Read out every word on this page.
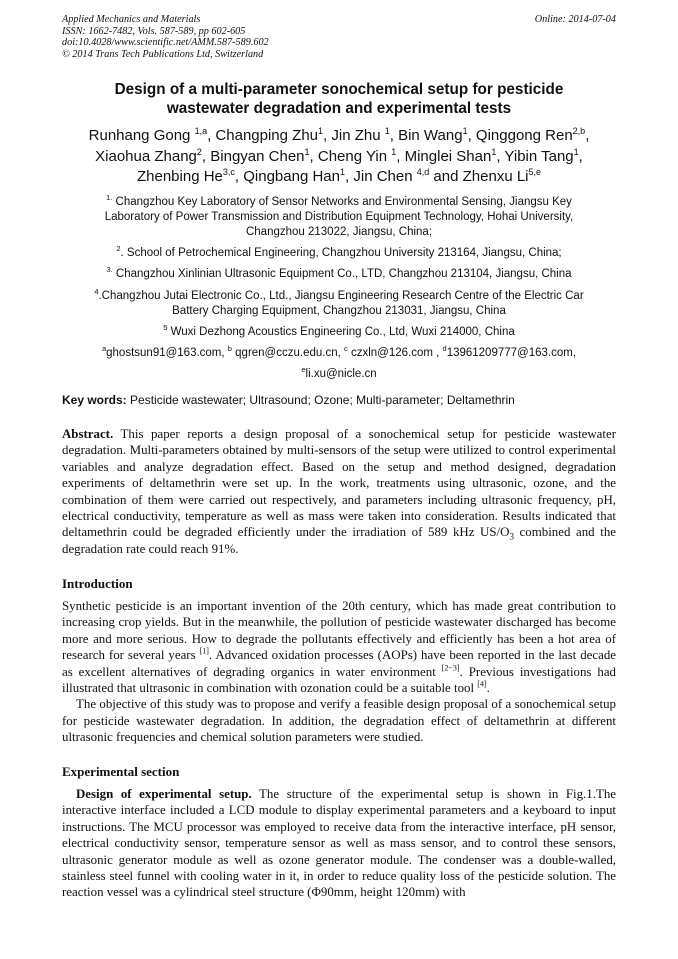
Applied Mechanics and Materials
ISSN: 1662-7482, Vols. 587-589, pp 602-605
doi:10.4028/www.scientific.net/AMM.587-589.602
© 2014 Trans Tech Publications Ltd, Switzerland
Online: 2014-07-04
Design of a multi-parameter sonochemical setup for pesticide
wastewater degradation and experimental tests
Runhang Gong $^{1,a}$, Changping Zhu$^1$, Jin Zhu $^1$, Bin Wang$^1$, Qinggong Ren$^{2,b}$,
Xiaohua Zhang$^2$, Bingyan Chen$^1$, Cheng Yin $^1$, Minglei Shan$^1$, Yibin Tang$^1$,
Zhenbing He$^{3,c}$, Qingbang Han$^1$, Jin Chen $^{4,d}$ and Zhenxu Li$^{5,e}$
$^{1.}$ Changzhou Key Laboratory of Sensor Networks and Environmental Sensing, Jiangsu Key
Laboratory of Power Transmission and Distribution Equipment Technology, Hohai University,
Changzhou 213022, Jiangsu, China;
$^2$. School of Petrochemical Engineering, Changzhou University 213164, Jiangsu, China;
$^{3.}$ Changzhou Xinlinian Ultrasonic Equipment Co., LTD, Changzhou 213104, Jiangsu, China
$^4$.Changzhou Jutai Electronic Co., Ltd., Jiangsu Engineering Research Centre of the Electric Car
Battery Charging Equipment, Changzhou 213031, Jiangsu, China
$^5$ Wuxi Dezhong Acoustics Engineering Co., Ltd, Wuxi 214000, China
$^a$ghostsun91@163.com, $^b$ qgren@cczu.edu.cn, $^c$ czxln@126.com , $^d$13961209777@163.com,
$^e$li.xu@nicle.cn
Key words: Pesticide wastewater; Ultrasound; Ozone; Multi-parameter; Deltamethrin
Abstract. This paper reports a design proposal of a sonochemical setup for pesticide wastewater degradation. Multi-parameters obtained by multi-sensors of the setup were utilized to control experimental variables and analyze degradation effect. Based on the setup and method designed, degradation experiments of deltamethrin were set up. In the work, treatments using ultrasonic, ozone, and the combination of them were carried out respectively, and parameters including ultrasonic frequency, pH, electrical conductivity, temperature as well as mass were taken into consideration. Results indicated that deltamethrin could be degraded efficiently under the irradiation of 589 kHz $US/O_3$ combined and the degradation rate could reach 91%.
Introduction
Synthetic pesticide is an important invention of the 20th century, which has made great contribution to increasing crop yields. But in the meanwhile, the pollution of pesticide wastewater discharged has become more and more serious. How to degrade the pollutants effectively and efficiently has been a hot area of research for several years [1]. Advanced oxidation processes (AOPs) have been reported in the last decade as excellent alternatives of degrading organics in water environment [2−3]. Previous investigations had illustrated that ultrasonic in combination with ozonation could be a suitable tool [4].
The objective of this study was to propose and verify a feasible design proposal of a sonochemical setup for pesticide wastewater degradation. In addition, the degradation effect of deltamethrin at different ultrasonic frequencies and chemical solution parameters were studied.
Experimental section
Design of experimental setup. The structure of the experimental setup is shown in Fig.1.The interactive interface included a LCD module to display experimental parameters and a keyboard to input instructions. The MCU processor was employed to receive data from the interactive interface, pH sensor, electrical conductivity sensor, temperature sensor as well as mass sensor, and to control these sensors, ultrasonic generator module as well as ozone generator module. The condenser was a double-walled, stainless steel funnel with cooling water in it, in order to reduce quality loss of the pesticide solution. The reaction vessel was a cylindrical steel structure (Φ90mm, height 120mm) with
